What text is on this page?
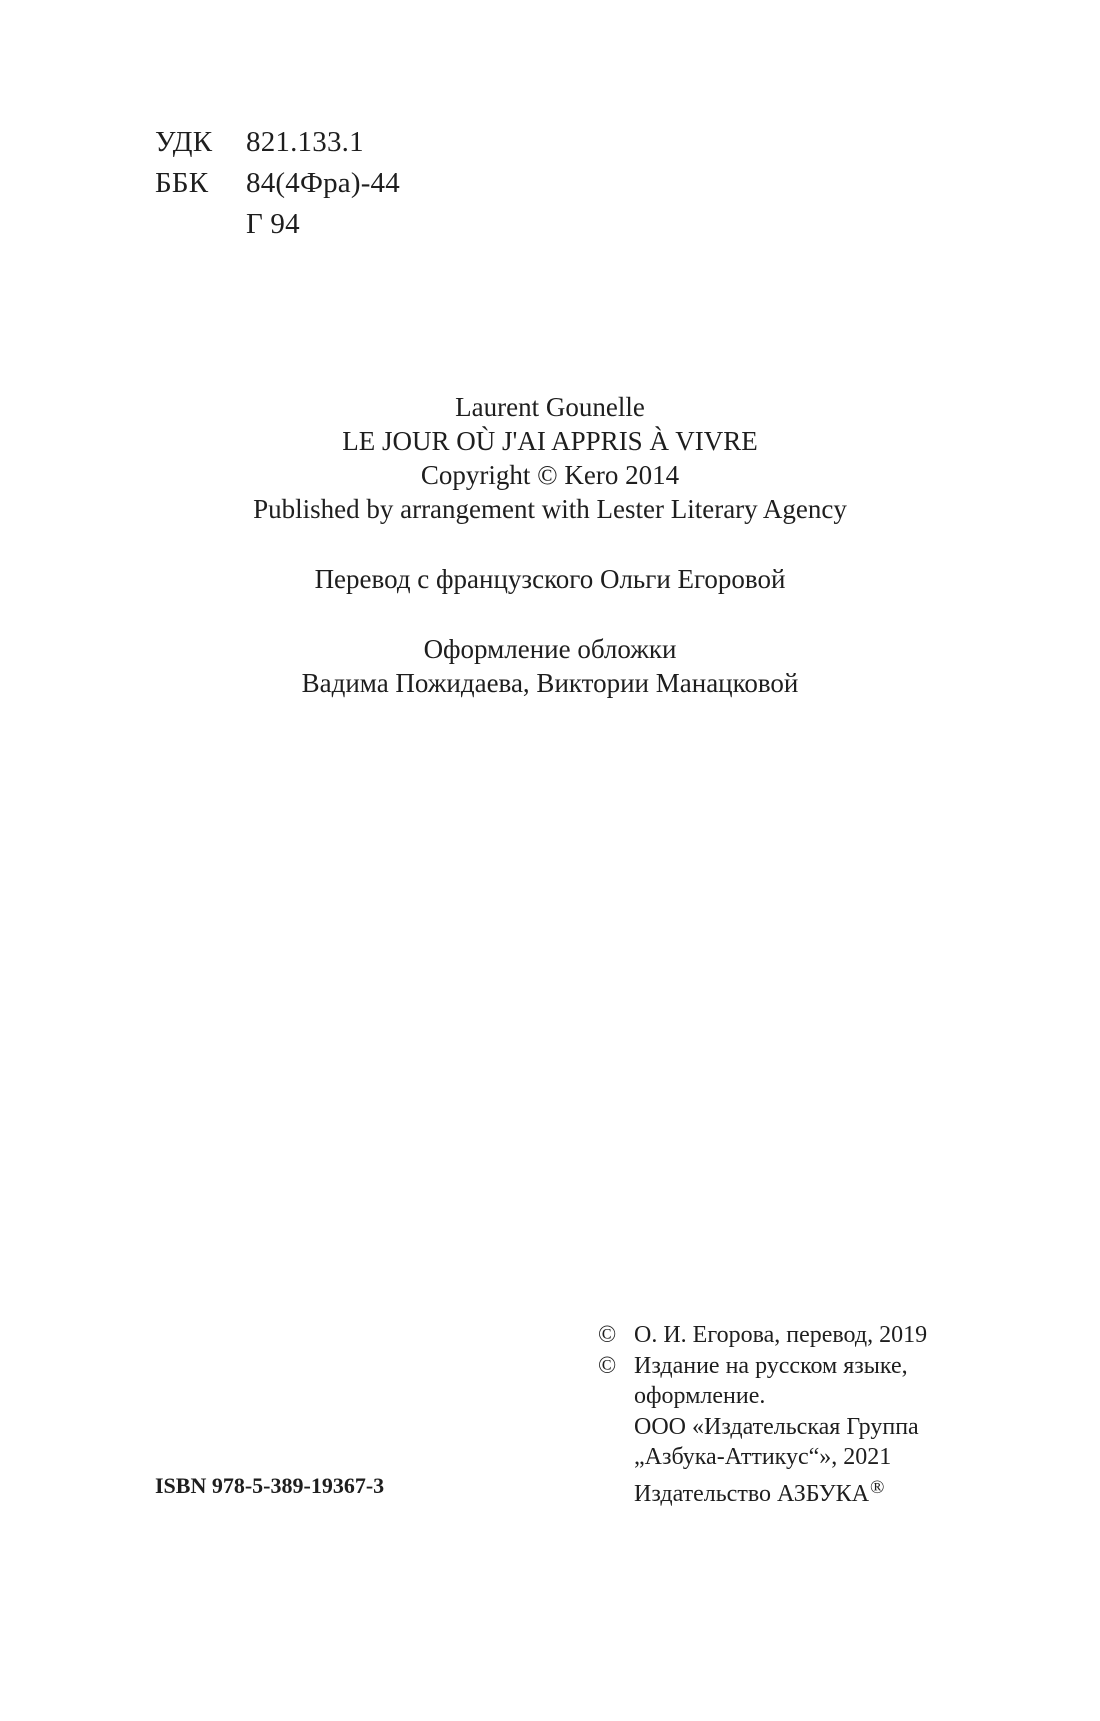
УДК 821.133.1
ББК 84(4Фра)-44
Г 94
Laurent Gounelle
LE JOUR OÙ J'AI APPRIS À VIVRE
Copyright © Kero 2014
Published by arrangement with Lester Literary Agency
Перевод с французского Ольги Егоровой
Оформление обложки
Вадима Пожидаева, Виктории Манацковой
ISBN 978-5-389-19367-3
© О. И. Егорова, перевод, 2019
© Издание на русском языке,
оформление.
ООО «Издательская Группа
„Азбука-Аттикус“», 2021
Издательство АЗБУКА®
